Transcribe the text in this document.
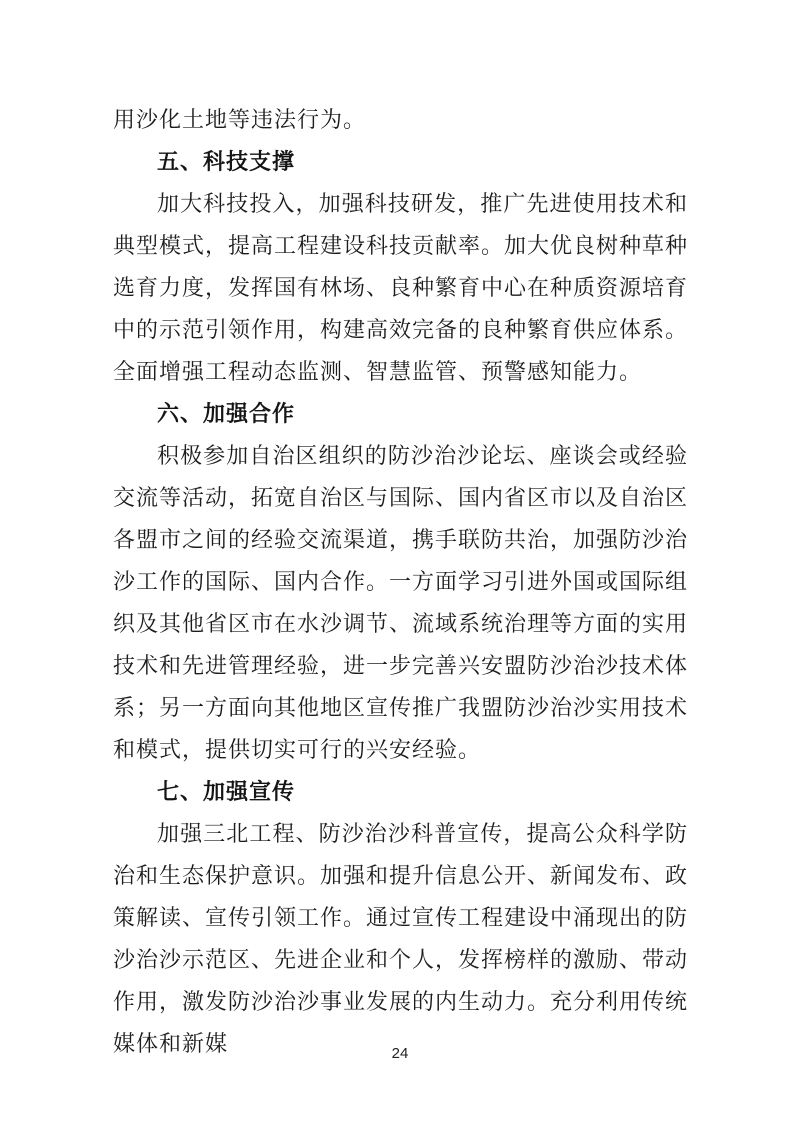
用沙化土地等违法行为。

五、科技支撑

加大科技投入，加强科技研发，推广先进使用技术和典型模式，提高工程建设科技贡献率。加大优良树种草种选育力度，发挥国有林场、良种繁育中心在种质资源培育中的示范引领作用，构建高效完备的良种繁育供应体系。全面增强工程动态监测、智慧监管、预警感知能力。

六、加强合作

积极参加自治区组织的防沙治沙论坛、座谈会或经验交流等活动，拓宽自治区与国际、国内省区市以及自治区各盟市之间的经验交流渠道，携手联防共治，加强防沙治沙工作的国际、国内合作。一方面学习引进外国或国际组织及其他省区市在水沙调节、流域系统治理等方面的实用技术和先进管理经验，进一步完善兴安盟防沙治沙技术体系；另一方面向其他地区宣传推广我盟防沙治沙实用技术和模式，提供切实可行的兴安经验。

七、加强宣传

加强三北工程、防沙治沙科普宣传，提高公众科学防治和生态保护意识。加强和提升信息公开、新闻发布、政策解读、宣传引领工作。通过宣传工程建设中涌现出的防沙治沙示范区、先进企业和个人，发挥榜样的激励、带动作用，激发防沙治沙事业发展的内生动力。充分利用传统媒体和新媒	24
